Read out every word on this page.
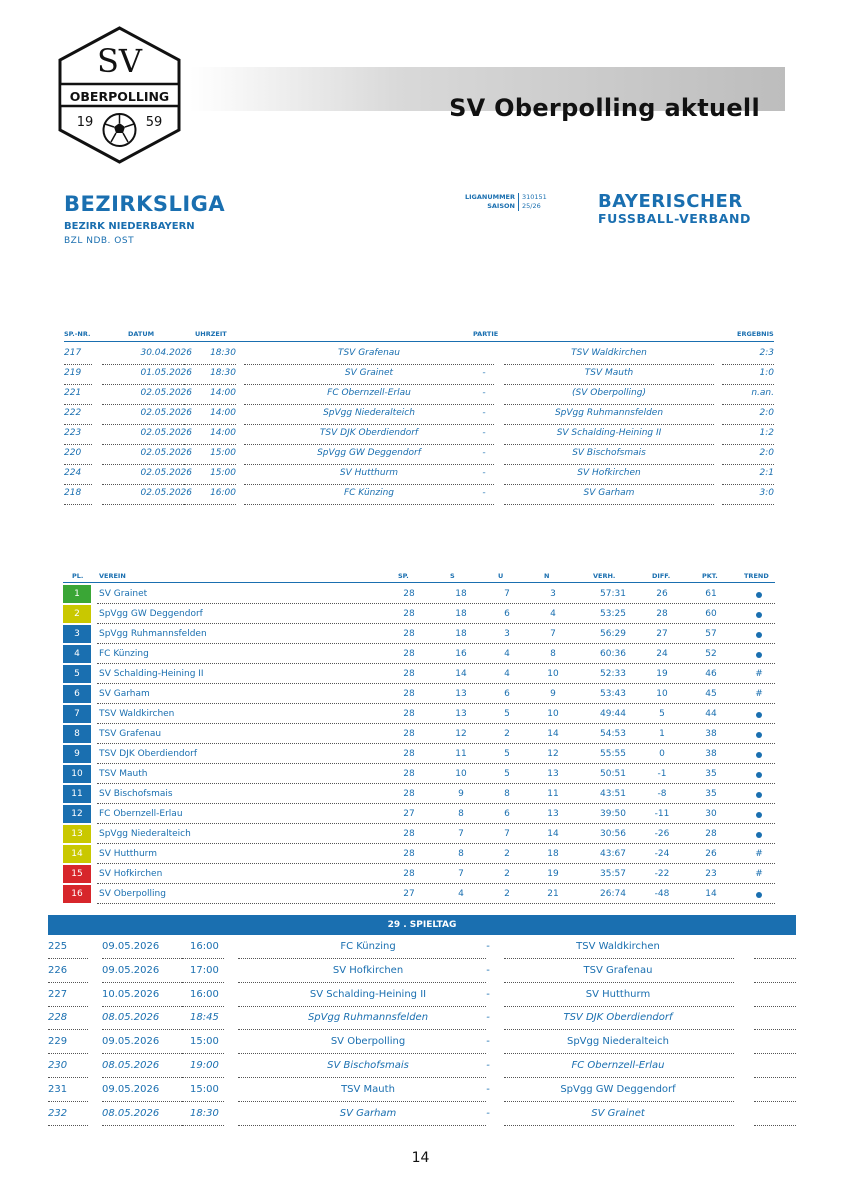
SV
OBERPOLLING
19	59
SV Oberpolling aktuell
BEZIRKSLIGA
BEZIRK NIEDERBAYERN
BZL NDB. OST
LIGANUMMER 310151
SAISON 25/26	BAYERISCHER
FUSSBALL-VERBAND
SP.-NR.	DATUM	UHRZEIT	PARTIE	ERGEBNIS
217	30.04.2026	18:30	TSV Grafenau	TSV Waldkirchen	2:3
219	01.05.2026	18:30	SV Grainet	-	TSV Mauth	1:0
221	02.05.2026	14:00	FC Obernzell-Erlau	-	(SV Oberpolling)	n.an.
222	02.05.2026	14:00	SpVgg Niederalteich	-	SpVgg Ruhmannsfelden	2:0
223	02.05.2026	14:00	TSV DJK Oberdiendorf	-	SV Schalding-Heining II	1:2
220	02.05.2026	15:00	SpVgg GW Deggendorf	-	SV Bischofsmais	2:0
224	02.05.2026	15:00	SV Hutthurm	-	SV Hofkirchen	2:1
218	02.05.2026	16:00	FC Künzing	-	SV Garham	3:0
PL. VEREIN	SP.	S	U	N	VERH.	DIFF.	PKT.	TREND
1	SV Grainet	28	18	7	3	57:31	26	61
2	SpVgg GW Deggendorf	28	18	6	4	53:25	28	60
3	SpVgg Ruhmannsfelden	28	18	3	7	56:29	27	57
4	FC Künzing	28	16	4	8	60:36	24	52
5	SV Schalding-Heining II	28	14	4	10	52:33	19	46	#
6	SV Garham	28	13	6	9	53:43	10	45	#
7	TSV Waldkirchen	28	13	5	10	49:44	5	44
8	TSV Grafenau	28	12	2	14	54:53	1	38
9	TSV DJK Oberdiendorf	28	11	5	12	55:55	0	38
10	TSV Mauth	28	10	5	13	50:51	-1	35
11	SV Bischofsmais	28	9	8	11	43:51	-8	35
12	FC Obernzell-Erlau	27	8	6	13	39:50	-11	30
13	SpVgg Niederalteich	28	7	7	14	30:56	-26	28
14	SV Hutthurm	28	8	2	18	43:67	-24	26	#
15	SV Hofkirchen	28	7	2	19	35:57	-22	23	#
16	SV Oberpolling	27	4	2	21	26:74	-48	14
29 . SPIELTAG
225	09.05.2026	16:00	FC Künzing	-	TSV Waldkirchen
226	09.05.2026	17:00	SV Hofkirchen	-	TSV Grafenau
227	10.05.2026	16:00	SV Schalding-Heining II	-	SV Hutthurm
228	08.05.2026	18:45	SpVgg Ruhmannsfelden	-	TSV DJK Oberdiendorf
229	09.05.2026	15:00	SV Oberpolling	-	SpVgg Niederalteich
230	08.05.2026	19:00	SV Bischofsmais	-	FC Obernzell-Erlau
231	09.05.2026	15:00	TSV Mauth	-	SpVgg GW Deggendorf
232	08.05.2026	18:30	SV Garham	-	SV Grainet
14
